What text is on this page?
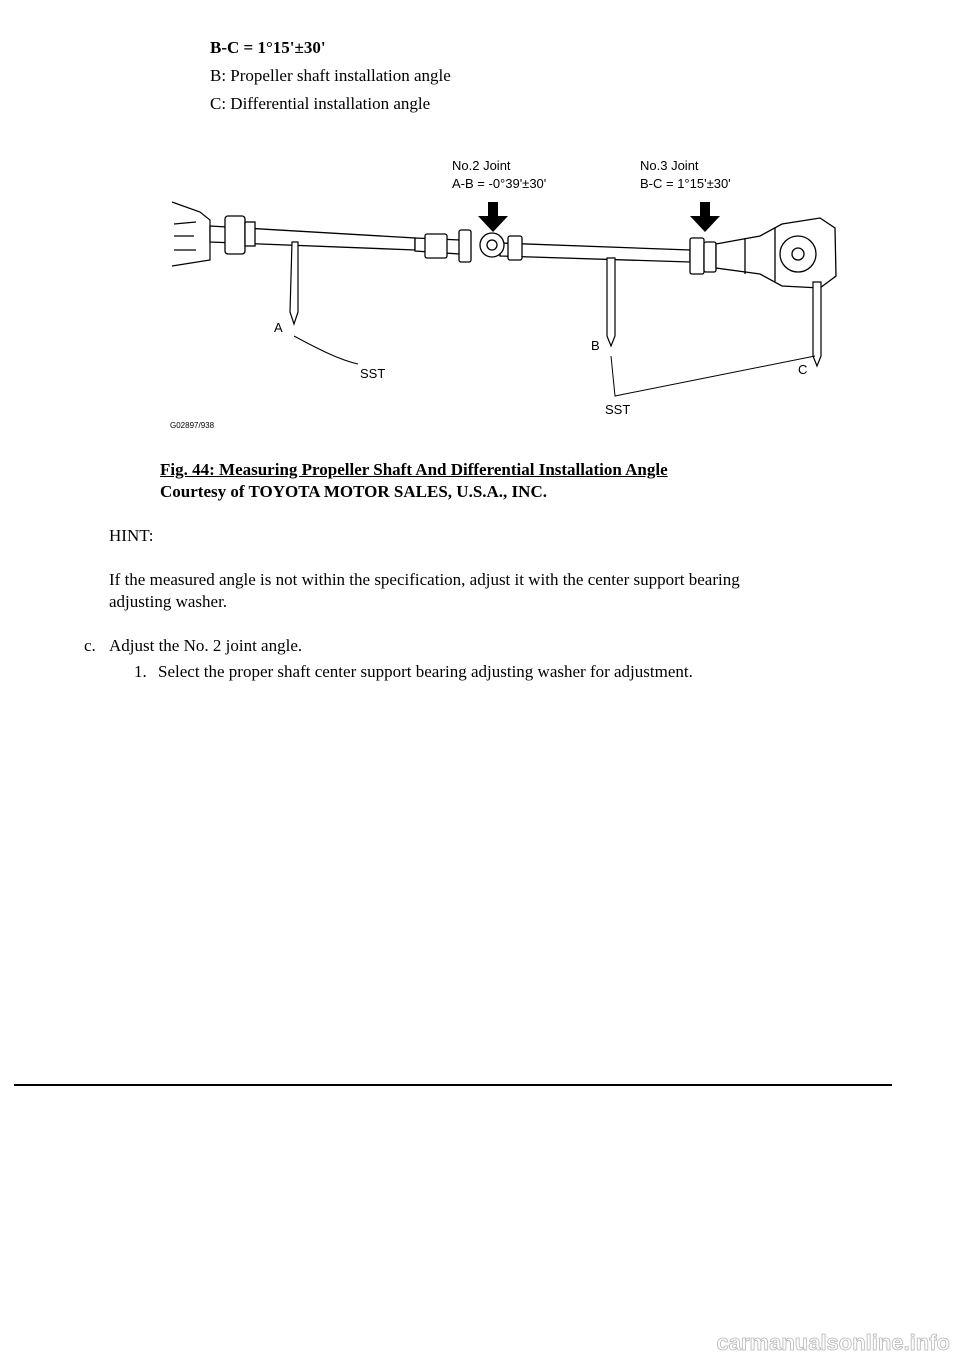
B-C = 1°15'±30'
B: Propeller shaft installation angle
C: Differential installation angle
No.2 Joint
A-B = -0°39'±30'
No.3 Joint
B-C = 1°15'±30'
A
B
C
SST
SST
G02897/938
Fig. 44: Measuring Propeller Shaft And Differential Installation Angle
Courtesy of TOYOTA MOTOR SALES, U.S.A., INC.
HINT:
If the measured angle is not within the specification, adjust it with the center support bearing
adjusting washer.
c. Adjust the No. 2 joint angle.
1. Select the proper shaft center support bearing adjusting washer for adjustment.
carmanualsonline.info
